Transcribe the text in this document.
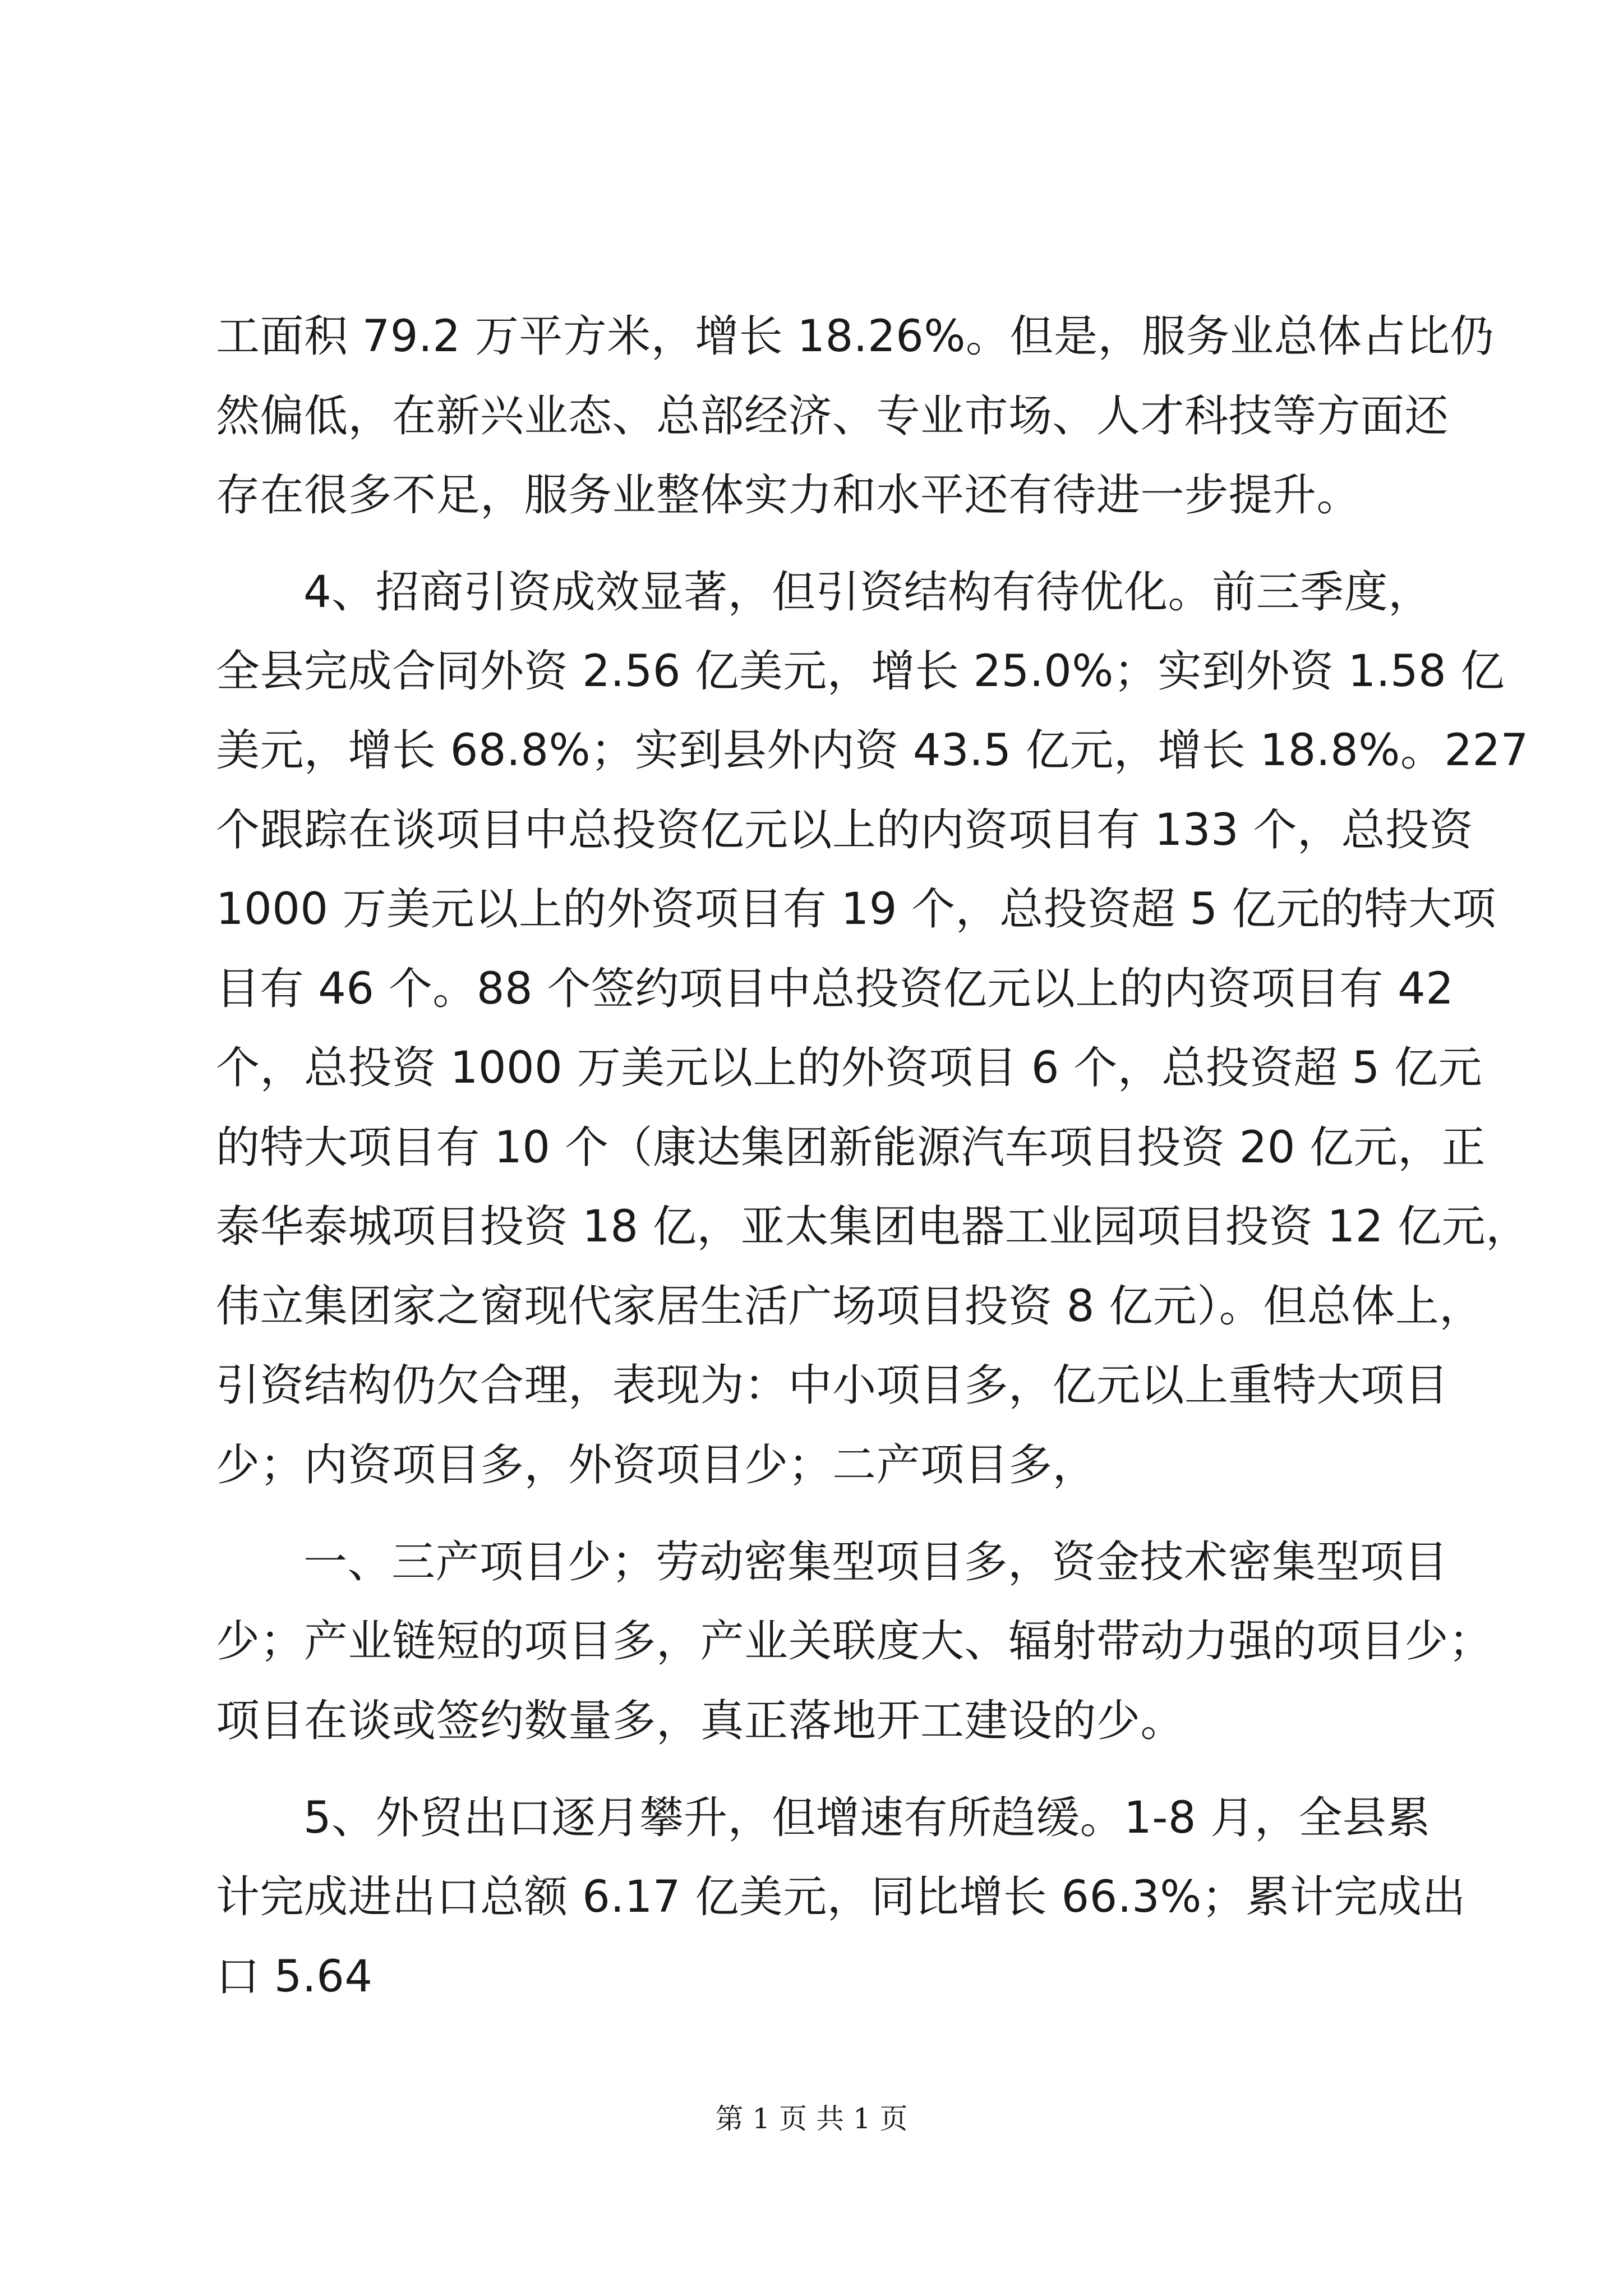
工面积 79.2 万平方米，增长 18.26%。但是，服务业总体占比仍
然偏低，在新兴业态、总部经济、专业市场、人才科技等方面还
存在很多不足，服务业整体实力和水平还有待进一步提升。
4、招商引资成效显著，但引资结构有待优化。前三季度，
全县完成合同外资 2.56 亿美元，增长 25.0%；实到外资 1.58 亿
美元，增长 68.8%；实到县外内资 43.5 亿元，增长 18.8%。227
个跟踪在谈项目中总投资亿元以上的内资项目有 133 个，总投资
1000 万美元以上的外资项目有 19 个，总投资超 5 亿元的特大项
目有 46 个。88 个签约项目中总投资亿元以上的内资项目有 42
个，总投资 1000 万美元以上的外资项目 6 个，总投资超 5 亿元
的特大项目有 10 个（康达集团新能源汽车项目投资 20 亿元，正
泰华泰城项目投资 18 亿，亚太集团电器工业园项目投资 12 亿元，
伟立集团家之窗现代家居生活广场项目投资 8 亿元）。但总体上，
引资结构仍欠合理，表现为：中小项目多，亿元以上重特大项目
少；内资项目多，外资项目少；二产项目多，
一、三产项目少；劳动密集型项目多，资金技术密集型项目
少；产业链短的项目多，产业关联度大、辐射带动力强的项目少；
项目在谈或签约数量多，真正落地开工建设的少。
5、外贸出口逐月攀升，但增速有所趋缓。1-8 月，全县累
计完成进出口总额 6.17 亿美元，同比增长 66.3%；累计完成出
口 5.64
第 1 页 共 1 页
